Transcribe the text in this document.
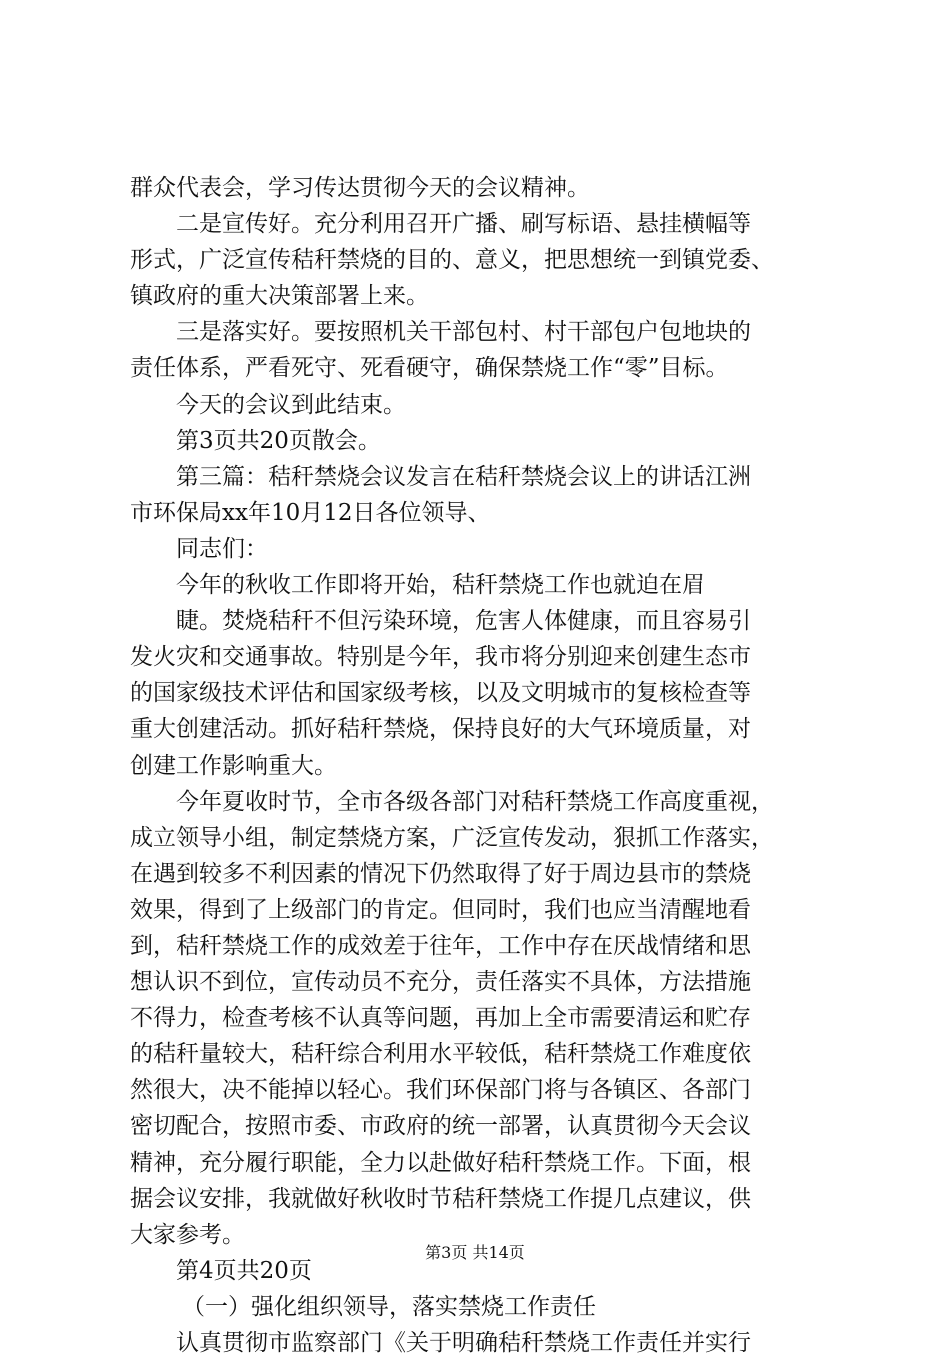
群众代表会，学习传达贯彻今天的会议精神。
二是宣传好。充分利用召开广播、刷写标语、悬挂横幅等
形式，广泛宣传秸秆禁烧的目的、意义，把思想统一到镇党委、
镇政府的重大决策部署上来。
三是落实好。要按照机关干部包村、村干部包户包地块的
责任体系，严看死守、死看硬守，确保禁烧工作“零”目标。
今天的会议到此结束。
第3页共20页散会。
第三篇：秸秆禁烧会议发言在秸秆禁烧会议上的讲话江洲
市环保局xx年10月12日各位领导、
同志们：
今年的秋收工作即将开始，秸秆禁烧工作也就迫在眉
睫。焚烧秸秆不但污染环境，危害人体健康，而且容易引
发火灾和交通事故。特别是今年，我市将分别迎来创建生态市
的国家级技术评估和国家级考核，以及文明城市的复核检查等
重大创建活动。抓好秸秆禁烧，保持良好的大气环境质量，对
创建工作影响重大。
今年夏收时节，全市各级各部门对秸秆禁烧工作高度重视，
成立领导小组，制定禁烧方案，广泛宣传发动，狠抓工作落实，
在遇到较多不利因素的情况下仍然取得了好于周边县市的禁烧
效果，得到了上级部门的肯定。但同时，我们也应当清醒地看
到，秸秆禁烧工作的成效差于往年，工作中存在厌战情绪和思
想认识不到位，宣传动员不充分，责任落实不具体，方法措施
不得力，检查考核不认真等问题，再加上全市需要清运和贮存
的秸秆量较大，秸秆综合利用水平较低，秸秆禁烧工作难度依
然很大，决不能掉以轻心。我们环保部门将与各镇区、各部门
密切配合，按照市委、市政府的统一部署，认真贯彻今天会议
精神，充分履行职能，全力以赴做好秸秆禁烧工作。下面，根
据会议安排，我就做好秋收时节秸秆禁烧工作提几点建议，供
大家参考。
第4页共20页
（一）强化组织领导，落实禁烧工作责任
认真贯彻市监察部门《关于明确秸秆禁烧工作责任并实行
第3页 共14页
